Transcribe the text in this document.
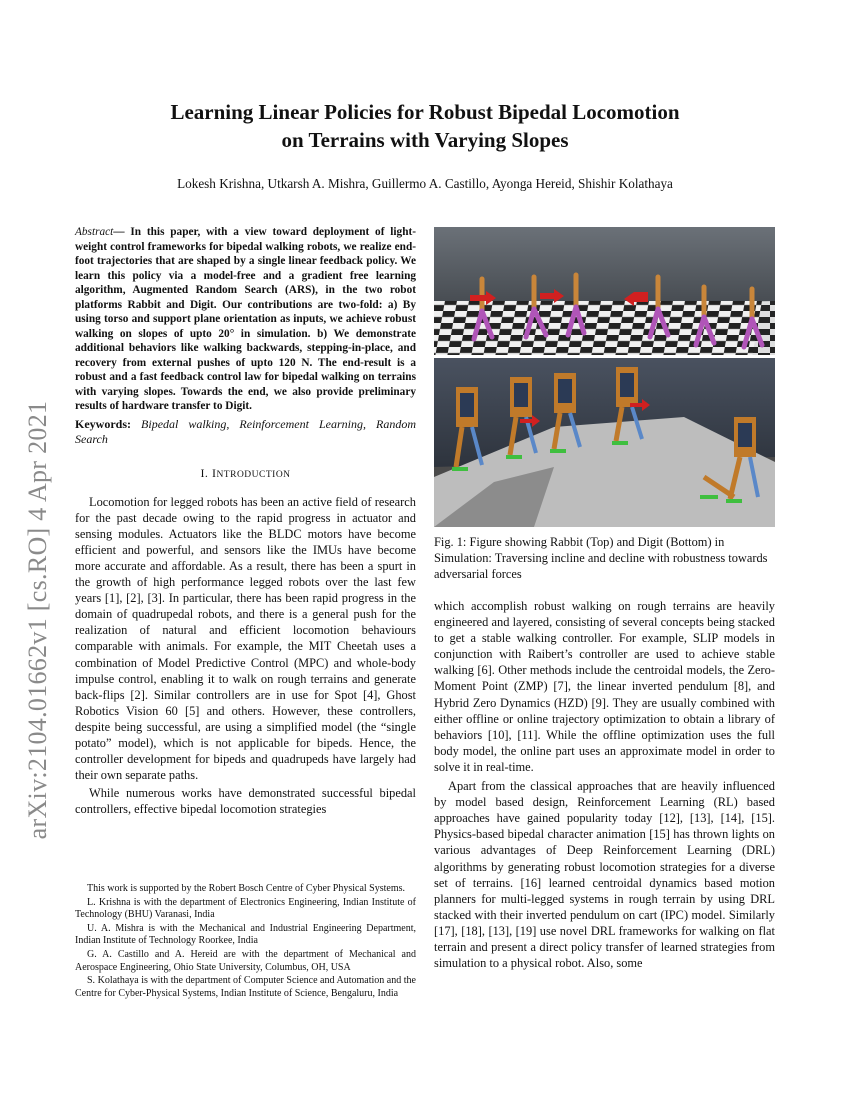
arXiv:2104.01662v1 [cs.RO] 4 Apr 2021
Learning Linear Policies for Robust Bipedal Locomotion
on Terrains with Varying Slopes
Lokesh Krishna, Utkarsh A. Mishra, Guillermo A. Castillo, Ayonga Hereid, Shishir Kolathaya
Abstract— In this paper, with a view toward deployment of light-weight control frameworks for bipedal walking robots, we realize end-foot trajectories that are shaped by a single linear feedback policy. We learn this policy via a model-free and a gradient free learning algorithm, Augmented Random Search (ARS), in the two robot platforms Rabbit and Digit. Our contributions are two-fold: a) By using torso and support plane orientation as inputs, we achieve robust walking on slopes of upto 20° in simulation. b) We demonstrate additional behaviors like walking backwards, stepping-in-place, and recovery from external pushes of upto 120 N. The end-result is a robust and a fast feedback control law for bipedal walking on terrains with varying slopes. Towards the end, we also provide preliminary results of hardware transfer to Digit.
Keywords: Bipedal walking, Reinforcement Learning, Random Search
I. INTRODUCTION

Locomotion for legged robots has been an active field of research for the past decade owing to the rapid progress in actuator and sensing modules. Actuators like the BLDC motors have become efficient and powerful, and sensors like the IMUs have become more accurate and affordable. As a result, there has been a spurt in the growth of high performance legged robots over the last few years [1], [2], [3]. In particular, there has been rapid progress in the domain of quadrupedal robots, and there is a general push for the realization of natural and efficient locomotion behaviours comparable with animals. For example, the MIT Cheetah uses a combination of Model Predictive Control (MPC) and whole-body impulse control, enabling it to walk on rough terrains and generate back-flips [2]. Similar controllers are in use for Spot [4], Ghost Robotics Vision 60 [5] and others. However, these controllers, despite being successful, are using a simplified model (the “single potato” model), which is not applicable for bipeds. Hence, the controller development for bipeds and quadrupeds have largely had their own separate paths.

While numerous works have demonstrated successful bipedal controllers, effective bipedal locomotion strategies

This work is supported by the Robert Bosch Centre of Cyber Physical Systems.

L. Krishna is with the department of Electronics Engineering, Indian Institute of Technology (BHU) Varanasi, India

U. A. Mishra is with the Mechanical and Industrial Engineering Department, Indian Institute of Technology Roorkee, India

G. A. Castillo and A. Hereid are with the department of Mechanical and Aerospace Engineering, Ohio State University, Columbus, OH, USA

S. Kolathaya is with the department of Computer Science and Automation and the Centre for Cyber-Physical Systems, Indian Institute of Science, Bengaluru, India

Fig. 1: Figure showing Rabbit (Top) and Digit (Bottom) in Simulation: Traversing incline and decline with robustness towards adversarial forces

which accomplish robust walking on rough terrains are heavily engineered and layered, consisting of several concepts being stacked to get a stable walking controller. For example, SLIP models in conjunction with Raibert’s controller are used to achieve stable walking [6]. Other methods include the centroidal models, the Zero-Moment Point (ZMP) [7], the linear inverted pendulum [8], and Hybrid Zero Dynamics (HZD) [9]. They are usually combined with either offline or online trajectory optimization to obtain a library of behaviors [10], [11]. While the offline optimization uses the full body model, the online part uses an approximate model in order to solve it in real-time.

Apart from the classical approaches that are heavily influenced by model based design, Reinforcement Learning (RL) based approaches have gained popularity today [12], [13], [14], [15]. Physics-based bipedal character animation [15] has thrown lights on various advantages of Deep Reinforcement Learning (DRL) algorithms by generating robust locomotion strategies for a diverse set of terrains. [16] learned centroidal dynamics based motion planners for multi-legged systems in rough terrain by using DRL stacked with their inverted pendulum on cart (IPC) model. Similarly [17], [18], [13], [19] use novel DRL frameworks for walking on flat terrain and present a direct policy transfer of learned strategies from simulation to a physical robot. Also, some
